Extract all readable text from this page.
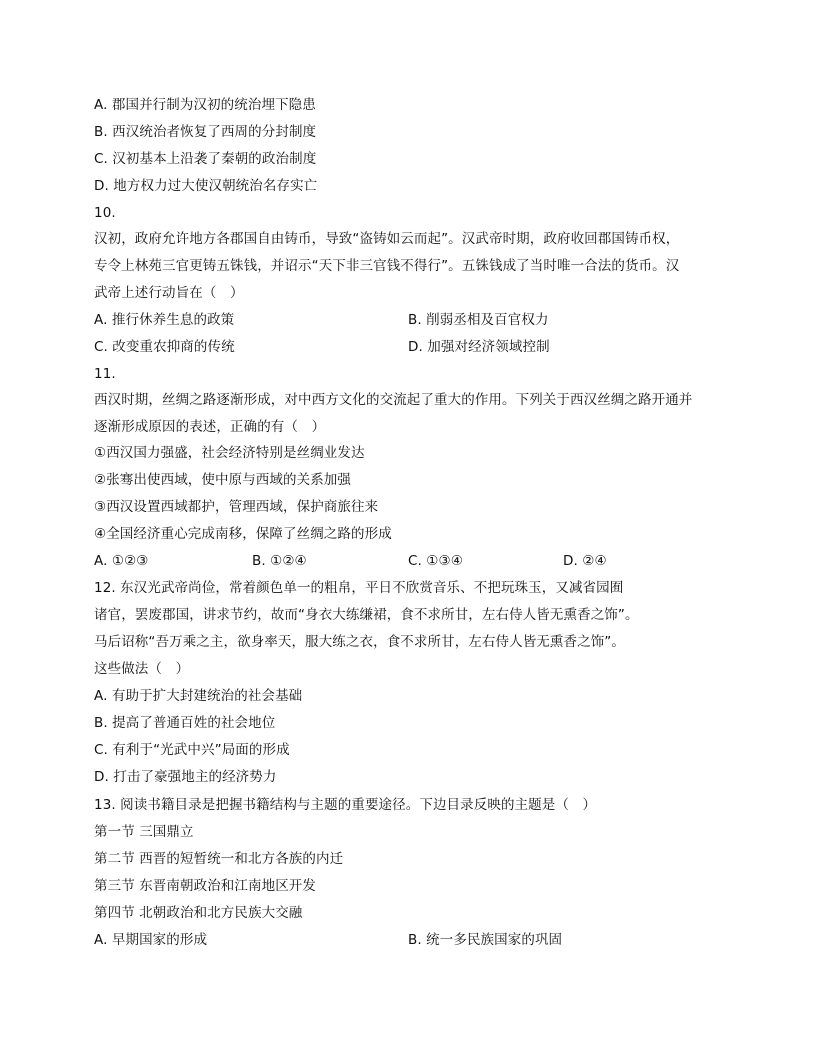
A. 郡国并行制为汉初的统治埋下隐患
B. 西汉统治者恢复了西周的分封制度
C. 汉初基本上沿袭了秦朝的政治制度
D. 地方权力过大使汉朝统治名存实亡
10.
汉初，政府允许地方各郡国自由铸币，导致“盗铸如云而起”。汉武帝时期，政府收回郡国铸币权，
专令上林苑三官更铸五铢钱，并诏示“天下非三官钱不得行”。五铢钱成了当时唯一合法的货币。汉
武帝上述行动旨在（　）
A. 推行休养生息的政策	B. 削弱丞相及百官权力
C. 改变重农抑商的传统	D. 加强对经济领域控制
11.
西汉时期，丝绸之路逐渐形成，对中西方文化的交流起了重大的作用。下列关于西汉丝绸之路开通并
逐渐形成原因的表述，正确的有（　）
①西汉国力强盛，社会经济特别是丝绸业发达
②张骞出使西域，使中原与西域的关系加强
③西汉设置西域都护，管理西域，保护商旅往来
④全国经济重心完成南移，保障了丝绸之路的形成
A. ①②③	B. ①②④	C. ①③④	D. ②④
12. 东汉光武帝尚俭，常着颜色单一的粗帛，平日不欣赏音乐、不把玩珠玉，又减省园囿
诸官，罢废郡国，讲求节约，故而“身衣大练缣裙，食不求所甘，左右侍人皆无熏香之饰”。
马后诏称“吾万乘之主，欲身率天，服大练之衣，食不求所甘，左右侍人皆无熏香之饰”。
这些做法（　）
A. 有助于扩大封建统治的社会基础
B. 提高了普通百姓的社会地位
C. 有利于“光武中兴”局面的形成
D. 打击了豪强地主的经济势力
13. 阅读书籍目录是把握书籍结构与主题的重要途径。下边目录反映的主题是（　）
第一节 三国鼎立
第二节 西晋的短暂统一和北方各族的内迁
第三节 东晋南朝政治和江南地区开发
第四节 北朝政治和北方民族大交融
A. 早期国家的形成	B. 统一多民族国家的巩固
